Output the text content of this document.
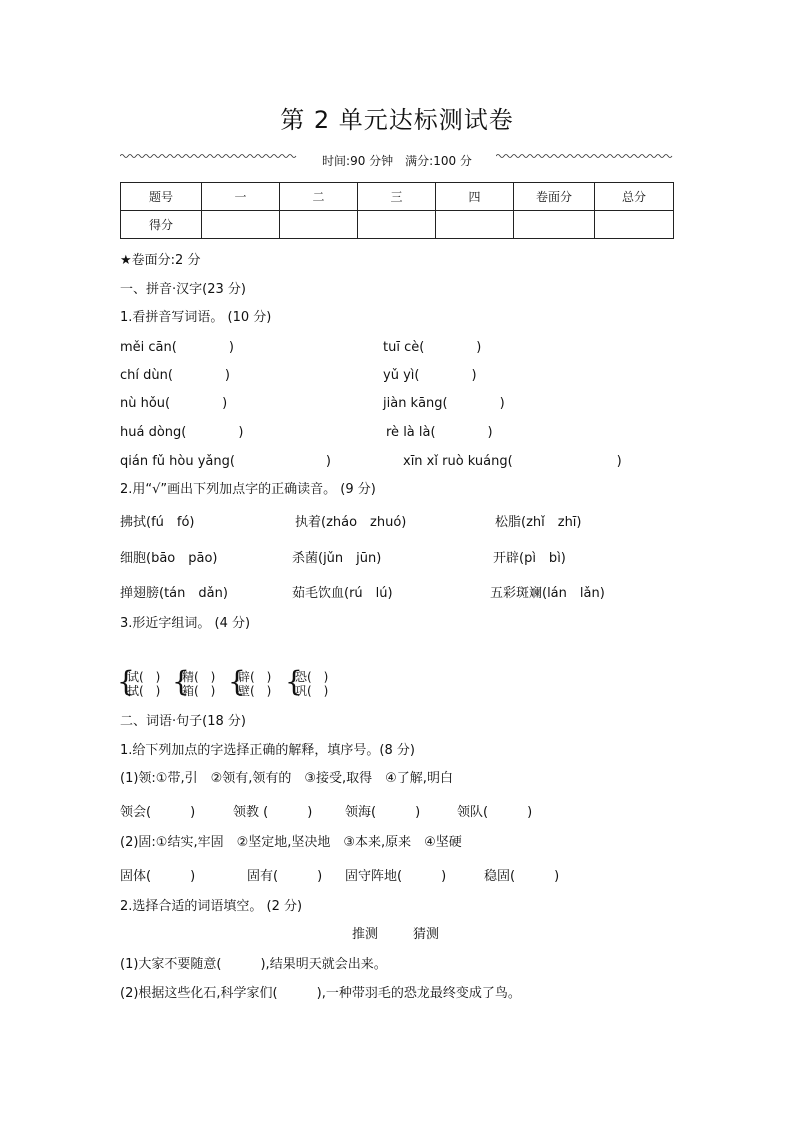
第 2 单元达标测试卷
时间:90 分钟　满分:100 分
题号	一	二	三	四	卷面分	总分
得分						
★卷面分:2 分
一、拼音·汉字(23 分)
1.看拼音写词语。 (10 分)
měi cān(　　　　)	tuī cè(　　　　)
chí dùn(　　　　)	yǔ yì(　　　　)
nù hǒu(　　　　)	jiàn kāng(　　　　)
huá dòng(　　　　)	rè là là(　　　　)
qián fǔ hòu yǎng(　　　　　　　)	xīn xǐ ruò kuáng(　　　　　　　　)
2.用“√”画出下列加点字的正确读音。 (9 分)
拂拭(fú　fó)	执着(zháo　zhuó)	松脂(zhǐ　zhī)
细胞(bāo　pāo)	杀菌(jǔn　jūn)	开辟(pì　bì)
掸翅膀(tán　dǎn)	茹毛饮血(rú　lú)	五彩斑斓(lán　lǎn)
3.形近字组词。 (4 分)
{
试(　)
拭(　) {
精(　)
箱(　) {
辟(　)
壁(　) {
恐(　)
巩(　)
二、词语·句子(18 分)
1.给下列加点的字选择正确的解释，填序号。(8 分)
(1)领:①带,引　②领有,领有的　③接受,取得　④了解,明白
领会(　　　)	领教 (　　　)	领海(　　　)	领队(　　　)
(2)固:①结实,牢固　②坚定地,坚决地　③本来,原来　④坚硬
固体(　　　)	固有(　　　) 固守阵地(　　　)	稳固(　　　)
2.选择合适的词语填空。 (2 分)
推测	猜测
(1)大家不要随意(　　　),结果明天就会出来。
(2)根据这些化石,科学家们(　　　),一种带羽毛的恐龙最终变成了鸟。
